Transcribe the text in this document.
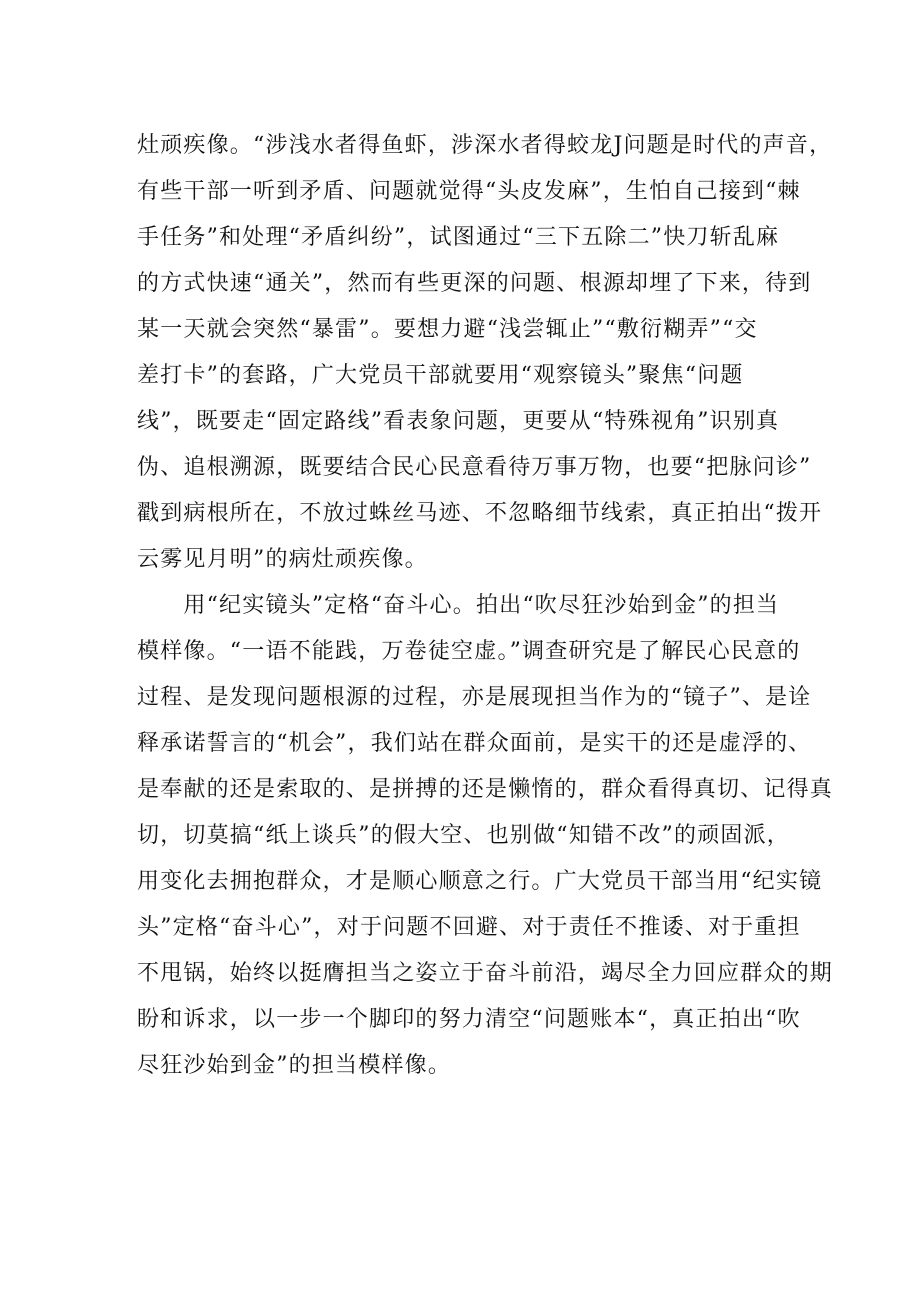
灶顽疾像。“涉浅水者得鱼虾，涉深水者得蛟龙J问题是时代的声音，
有些干部一听到矛盾、问题就觉得“头皮发麻”，生怕自己接到“棘
手任务”和处理“矛盾纠纷”，试图通过“三下五除二”快刀斩乱麻
的方式快速“通关”，然而有些更深的问题、根源却埋了下来，待到
某一天就会突然“暴雷”。要想力避“浅尝辄止”“敷衍糊弄”“交
差打卡”的套路，广大党员干部就要用“观察镜头”聚焦“问题
线”，既要走“固定路线”看表象问题，更要从“特殊视角”识别真
伪、追根溯源，既要结合民心民意看待万事万物，也要“把脉问诊”
戳到病根所在，不放过蛛丝马迹、不忽略细节线索，真正拍出“拨开
云雾见月明”的病灶顽疾像。
　　用“纪实镜头”定格“奋斗心。拍出“吹尽狂沙始到金”的担当
模样像。“一语不能践，万卷徒空虚。”调查研究是了解民心民意的
过程、是发现问题根源的过程，亦是展现担当作为的“镜子”、是诠
释承诺誓言的“机会”，我们站在群众面前，是实干的还是虚浮的、
是奉献的还是索取的、是拼搏的还是懒惰的，群众看得真切、记得真
切，切莫搞“纸上谈兵”的假大空、也别做“知错不改”的顽固派，
用变化去拥抱群众，才是顺心顺意之行。广大党员干部当用“纪实镜
头”定格“奋斗心”，对于问题不回避、对于责任不推诿、对于重担
不甩锅，始终以挺膺担当之姿立于奋斗前沿，竭尽全力回应群众的期
盼和诉求，以一步一个脚印的努力清空“问题账本“，真正拍出“吹
尽狂沙始到金”的担当模样像。
